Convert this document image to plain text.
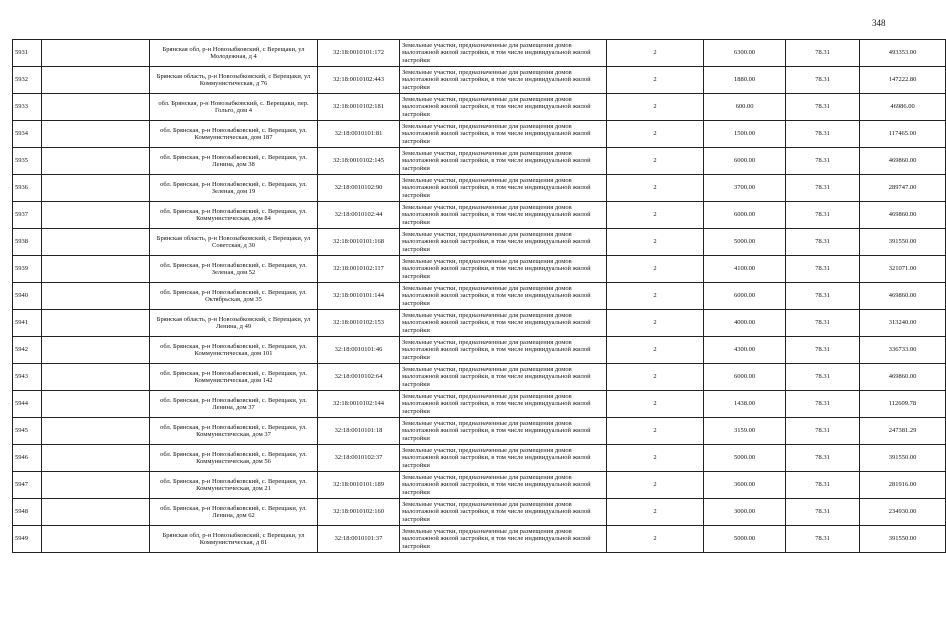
348
5931		Брянская обл, р-н Новозыбковский, с Верещаки, ул Молодежная, д 4	32:18:0010101:172	Земельные участки, предназначенные для размещения домов малоэтажной жилой застройки, в том числе индивидуальной жилой застройки	2	6300.00	78.31	493353.00
5932		Брянская область, р-н Новозыбковский, с Верещаки, ул Коммунистическая, д 76	32:18:0010102:443	Земельные участки, предназначенные для размещения домов малоэтажной жилой застройки, в том числе индивидуальной жилой застройки	2	1880.00	78.31	147222.80
5933		обл. Брянская, р-н Новозыбковский, с. Верещаки, пер. Гольго, дом 4	32:18:0010102:181	Земельные участки, предназначенные для размещения домов малоэтажной жилой застройки, в том числе индивидуальной жилой застройки	2	600.00	78.31	46986.00
5934		обл. Брянская, р-н Новозыбковский, с. Верещаки, ул. Коммунистическая, дом 187	32:18:0010101:81	Земельные участки, предназначенные для размещения домов малоэтажной жилой застройки, в том числе индивидуальной жилой застройки	2	1500.00	78.31	117465.00
5935		обл. Брянская, р-н Новозыбковский, с. Верещаки, ул. Ленина, дом 38	32:18:0010102:145	Земельные участки, предназначенные для размещения домов малоэтажной жилой застройки, в том числе индивидуальной жилой застройки	2	6000.00	78.31	469860.00
5936		обл. Брянская, р-н Новозыбковский, с. Верещаки, ул. Зеленая, дом 19	32:18:0010102:90	Земельные участки, предназначенные для размещения домов малоэтажной жилой застройки, в том числе индивидуальной жилой застройки	2	3700.00	78.31	289747.00
5937		обл. Брянская, р-н Новозыбковский, с. Верещаки, ул. Коммунистическая, дом 84	32:18:0010102:44	Земельные участки, предназначенные для размещения домов малоэтажной жилой застройки, в том числе индивидуальной жилой застройки	2	6000.00	78.31	469860.00
5938		Брянская область, р-н Новозыбковский, с Верещаки, ул Советская, д 30	32:18:0010101:168	Земельные участки, предназначенные для размещения домов малоэтажной жилой застройки, в том числе индивидуальной жилой застройки	2	5000.00	78.31	391550.00
5939		обл. Брянская, р-н Новозыбковский, с. Верещаки, ул. Зеленая, дом 52	32:18:0010102:117	Земельные участки, предназначенные для размещения домов малоэтажной жилой застройки, в том числе индивидуальной жилой застройки	2	4100.00	78.31	321071.00
5940		обл. Брянская, р-н Новозыбковский, с. Верещаки, ул. Октябрьская, дом 35	32:18:0010101:144	Земельные участки, предназначенные для размещения домов малоэтажной жилой застройки, в том числе индивидуальной жилой застройки	2	6000.00	78.31	469860.00
5941		Брянская область, р-н Новозыбковский, с Верещаки, ул Ленина, д 49	32:18:0010102:153	Земельные участки, предназначенные для размещения домов малоэтажной жилой застройки, в том числе индивидуальной жилой застройки	2	4000.00	78.31	313240.00
5942		обл. Брянская, р-н Новозыбковский, с. Верещаки, ул. Коммунистическая, дом 101	32:18:0010101:46	Земельные участки, предназначенные для размещения домов малоэтажной жилой застройки, в том числе индивидуальной жилой застройки	2	4300.00	78.31	336733.00
5943		обл. Брянская, р-н Новозыбковский, с. Верещаки, ул. Коммунистическая, дом 142	32:18:0010102:64	Земельные участки, предназначенные для размещения домов малоэтажной жилой застройки, в том числе индивидуальной жилой застройки	2	6000.00	78.31	469860.00
5944		обл. Брянская, р-н Новозыбковский, с. Верещаки, ул. Ленина, дом 37	32:18:0010102:144	Земельные участки, предназначенные для размещения домов малоэтажной жилой застройки, в том числе индивидуальной жилой застройки	2	1438.00	78.31	112609.78
5945		обл. Брянская, р-н Новозыбковский, с. Верещаки, ул. Коммунистическая, дом 37	32:18:0010101:18	Земельные участки, предназначенные для размещения домов малоэтажной жилой застройки, в том числе индивидуальной жилой застройки	2	3159.00	78.31	247381.29
5946		обл. Брянская, р-н Новозыбковский, с. Верещаки, ул. Коммунистическая, дом 56	32:18:0010102:37	Земельные участки, предназначенные для размещения домов малоэтажной жилой застройки, в том числе индивидуальной жилой застройки	2	5000.00	78.31	391550.00
5947		обл. Брянская, р-н Новозыбковский, с. Верещаки, ул. Коммунистическая, дом 21	32:18:0010101:189	Земельные участки, предназначенные для размещения домов малоэтажной жилой застройки, в том числе индивидуальной жилой застройки	2	3600.00	78.31	281916.00
5948		обл. Брянская, р-н Новозыбковский, с. Верещаки, ул. Ленина, дом 62	32:18:0010102:160	Земельные участки, предназначенные для размещения домов малоэтажной жилой застройки, в том числе индивидуальной жилой застройки	2	3000.00	78.31	234930.00
5949		Брянская обл, р-н Новозыбковский, с Верещаки, ул Коммунистическая, д 81	32:18:0010101:37	Земельные участки, предназначенные для размещения домов малоэтажной жилой застройки, в том числе индивидуальной жилой застройки	2	5000.00	78.31	391550.00
